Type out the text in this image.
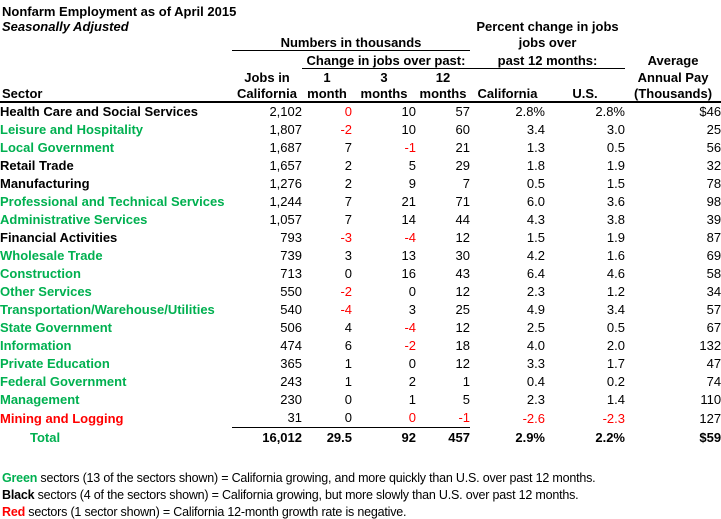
Nonfarm Employment as of April 2015							
Seasonally Adjusted					Percent change in jobs		
	Numbers in thousands				jobs over		
		Change in jobs over past:			past 12 months:		Average
	Jobs in	1	3	12			Annual Pay
Sector	California	month	months	months	California	U.S.	(Thousands)
Health Care and Social Services	2,102	0	10	57	2.8%	2.8%	$46
Leisure and Hospitality	1,807	-2	10	60	3.4	3.0	25
Local Government	1,687	7	-1	21	1.3	0.5	56
Retail Trade	1,657	2	5	29	1.8	1.9	32
Manufacturing	1,276	2	9	7	0.5	1.5	78
Professional and Technical Services	1,244	7	21	71	6.0	3.6	98
Administrative Services	1,057	7	14	44	4.3	3.8	39
Financial Activities	793	-3	-4	12	1.5	1.9	87
Wholesale Trade	739	3	13	30	4.2	1.6	69
Construction	713	0	16	43	6.4	4.6	58
Other Services	550	-2	0	12	2.3	1.2	34
Transportation/Warehouse/Utilities	540	-4	3	25	4.9	3.4	57
State Government	506	4	-4	12	2.5	0.5	67
Information	474	6	-2	18	4.0	2.0	132
Private Education	365	1	0	12	3.3	1.7	47
Federal Government	243	1	2	1	0.4	0.2	74
Management	230	0	1	5	2.3	1.4	110
Mining and Logging	31	0	0	-1	-2.6	-2.3	127
Total	16,012	29.5	92	457	2.9%	2.2%	$59
Green sectors (13 of the sectors shown) = California growing, and more quickly than U.S. over past 12 months.
Black sectors (4 of the sectors shown) = California growing, but more slowly than U.S. over past 12 months.
Red sectors (1 sector shown) = California 12-month growth rate is negative.
